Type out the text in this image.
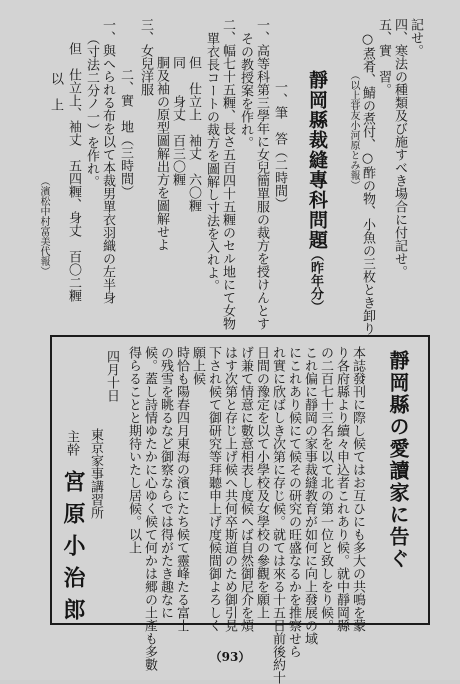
記せ。
四、寒法の種類及び施すべき場合に付記せ。
五、實　習。
○煮肴、鯖の煮付、○酢の物、小魚の三枚とき卸り
（以上甞友小河原とみ報）
靜岡縣裁縫專科問題
（昨年分）
一、筆　答（二時間）
一、高等科第三學年に女兒簡單服の裁方を授けんとす
その教授案を作れ。
二、幅七十五糎、長さ五百四十五糎のセル地にて女物
單衣長コートの裁方を圖解し寸法を入れよ。
但　仕立上　袖丈　六〇糎
同　　身丈　百三〇糎
胴及袖の原型圖解出方を圖解せよ
三、女兒洋服
二、實　地（三時間）
一、與へられる布を以て本裁男單衣羽織の左半身
（寸法二分ノ一）を作れ。
但　仕立上、袖丈　五四糎、身丈　百〇二糎
以　上
（濱松中村富美代報）
靜岡縣の愛讀家に告ぐ
本誌發刊に際し候てはお互ひにも多大の共鳴を蒙
り各府縣より續々申込者これあり候。就中靜岡縣
の二百七十三名を以て北の第一位と致しをり候。
これ偏に靜岡の家事裁縫教育が如何に向上發展の域
にこれあり候にて候その研究の旺盛なるかを推察せら
れ實に欣ばしき次第に存じ候。就ては來る十五日前後約十
日間の豫定を以て小學校及女學校の參觀を願上
げ兼て情意に數意相表し度候へば自然御尼介を煩
はす次第と存じ上げ候へ共何卒斯道のため御引見
下され候て御研究等拜聽申上げ度候間御よろしく
願上候
時恰も陽春四月東海の濱にたち候て靈峰たる富士
の残雪を眺るなど御察ならでは得がたき趣なに
候。蓋し詩情ゆたかに心ゆく候て何かは郷の土產も多數
得らることと期待いたし居候。以上
四月十日
東京家事講習所
主幹
宮原小治郎
（93）
